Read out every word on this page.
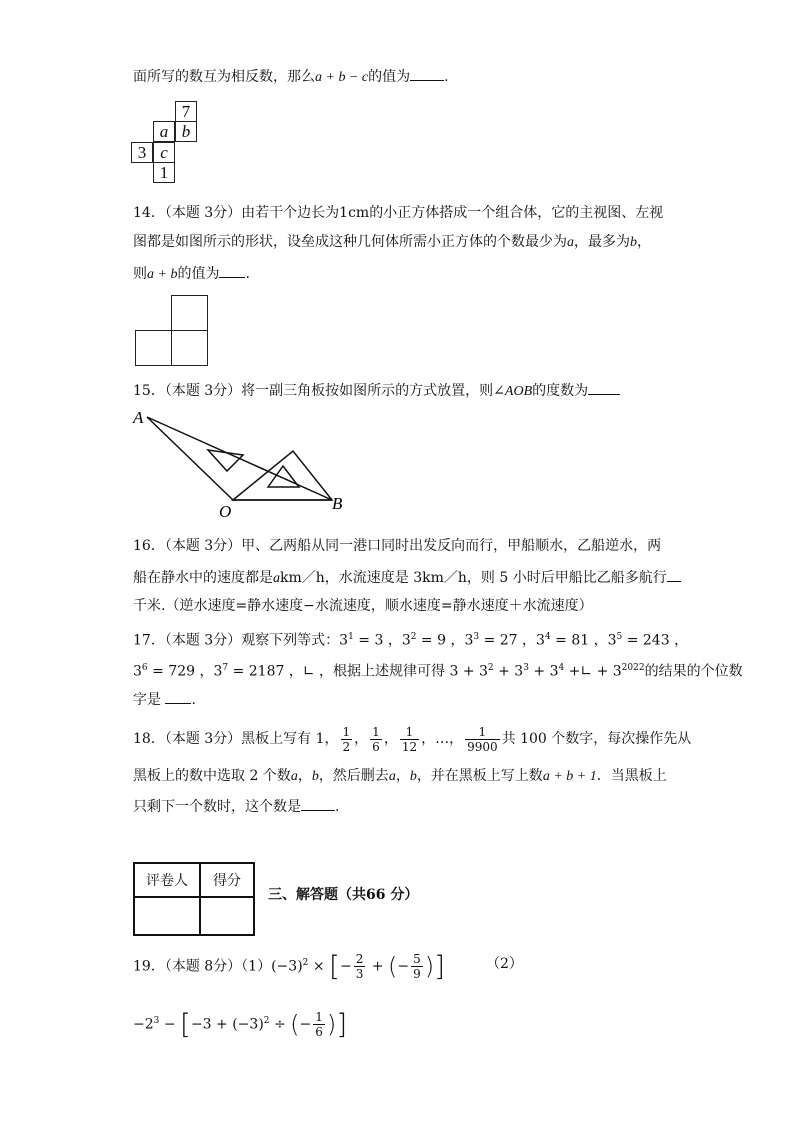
面所写的数互为相反数，那么a + b − c的值为 .
7
a b
3 c
1
14．（本题 3分）由若干个边长为1cm的小正方体搭成一个组合体，它的主视图、左视
图都是如图所示的形状，设垒成这种几何体所需小正方体的个数最少为a，最多为b，
则a + b的值为 .
15．（本题 3分）将一副三角板按如图所示的方式放置，则∠AOB的度数为
A
O	B
16．（本题 3分）甲、乙两船从同一港口同时出发反向而行，甲船顺水，乙船逆水，两
船在静水中的速度都是akm／h，水流速度是 3km／h，则 5 小时后甲船比乙船多航行
千米.（逆水速度=静水速度−水流速度，顺水速度=静水速度＋水流速度）
17．（本题 3分）观察下列等式：$3^1 = 3$ ，$3^2 = 9$ ，$3^3 = 27$ ，$3^4 = 81$ ，$3^5 = 243$ ，
$3^6 = 729$ ，$3^7 = 2187$ ，∟ ，根据上述规律可得 $3 + 3^2 + 3^3 + 3^4$ +∟ + $3^{2022}$的结果的个位数
字是 .
18．（本题 3分）黑板上写有 1， $\frac{1}{2}$ ， $\frac{1}{6}$ ， $\frac{1}{12}$ ，…， $\frac{1}{9900}$ 共 100 个数字，每次操作先从
黑板上的数中选取 2 个数a，b，然后删去a，b，并在黑板上写上数a + b + 1．当黑板上
只剩下一个数时，这个数是 .
评卷人	得分

三、解答题（共66 分）
19．（本题 8分）$(1)(-3)^2$ × [− $\frac{2}{3}$ + (− $\frac{5}{9}$ )]	（2）
$-2^3 - [-3 + (-3)^2$ ÷ (− $\frac{1}{6}$ )]
